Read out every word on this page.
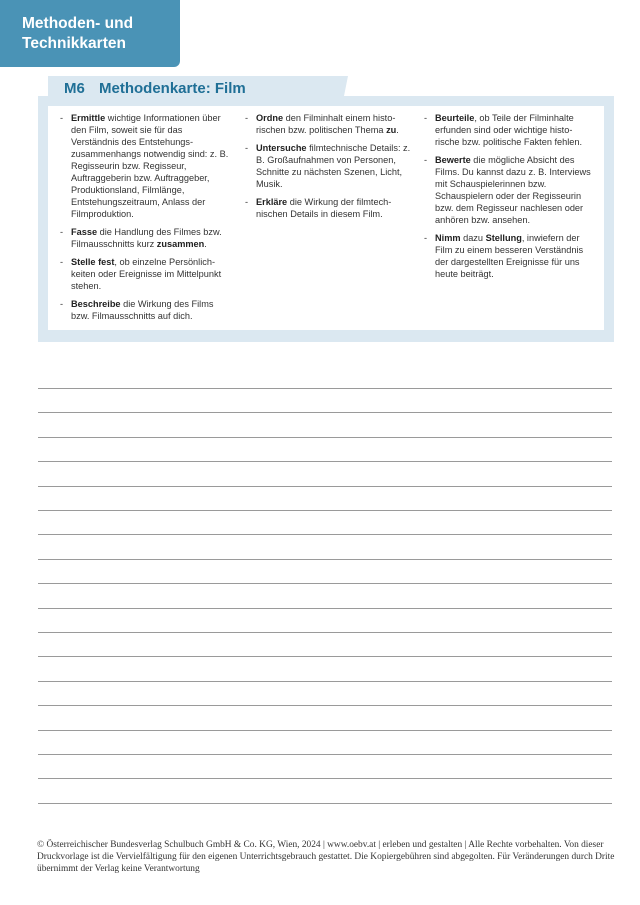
Methoden- und
Technikkarten
M6 Methodenkarte: Film
- Ermittle wichtige Informationen über den Film, soweit sie für das Verständnis des Entstehungszusammenhangs notwendig sind: z. B. Regisseurin bzw. Regisseur, Auftraggeberin bzw. Auftraggeber, Produktionsland, Filmlänge, Entstehungszeitraum, Anlass der Filmproduktion.
- Fasse die Handlung des Filmes bzw. Filmausschnitts kurz zusammen.
- Stelle fest, ob einzelne Persönlichkeiten oder Ereignisse im Mittelpunkt stehen.
- Beschreibe die Wirkung des Films bzw. Filmausschnitts auf dich.
- Ordne den Filminhalt einem historischen bzw. politischen Thema zu.
- Untersuche filmtechnische Details: z. B. Großaufnahmen von Personen, Schnitte zu nächsten Szenen, Licht, Musik.
- Erkläre die Wirkung der filmtechnischen Details in diesem Film.
- Beurteile, ob Teile der Filminhalte erfunden sind oder wichtige historische bzw. politische Fakten fehlen.
- Bewerte die mögliche Absicht des Films. Du kannst dazu z. B. Interviews mit Schauspielerinnen bzw. Schauspielern oder der Regisseurin bzw. dem Regisseur nachlesen oder anhören bzw. ansehen.
- Nimm dazu Stellung, inwiefern der Film zu einem besseren Verständnis der dargestellten Ereignisse für uns heute beiträgt.
© Österreichischer Bundesverlag Schulbuch GmbH & Co. KG, Wien, 2024 | www.oebv.at | erleben und gestalten | Alle Rechte vorbehalten. Von dieser Druckvorlage ist die Vervielfältigung für den eigenen Unterrichtsgebrauch gestattet. Die Kopiergebühren sind abgegolten. Für Veränderungen durch Drite übernimmt der Verlag keine Verantwortung
